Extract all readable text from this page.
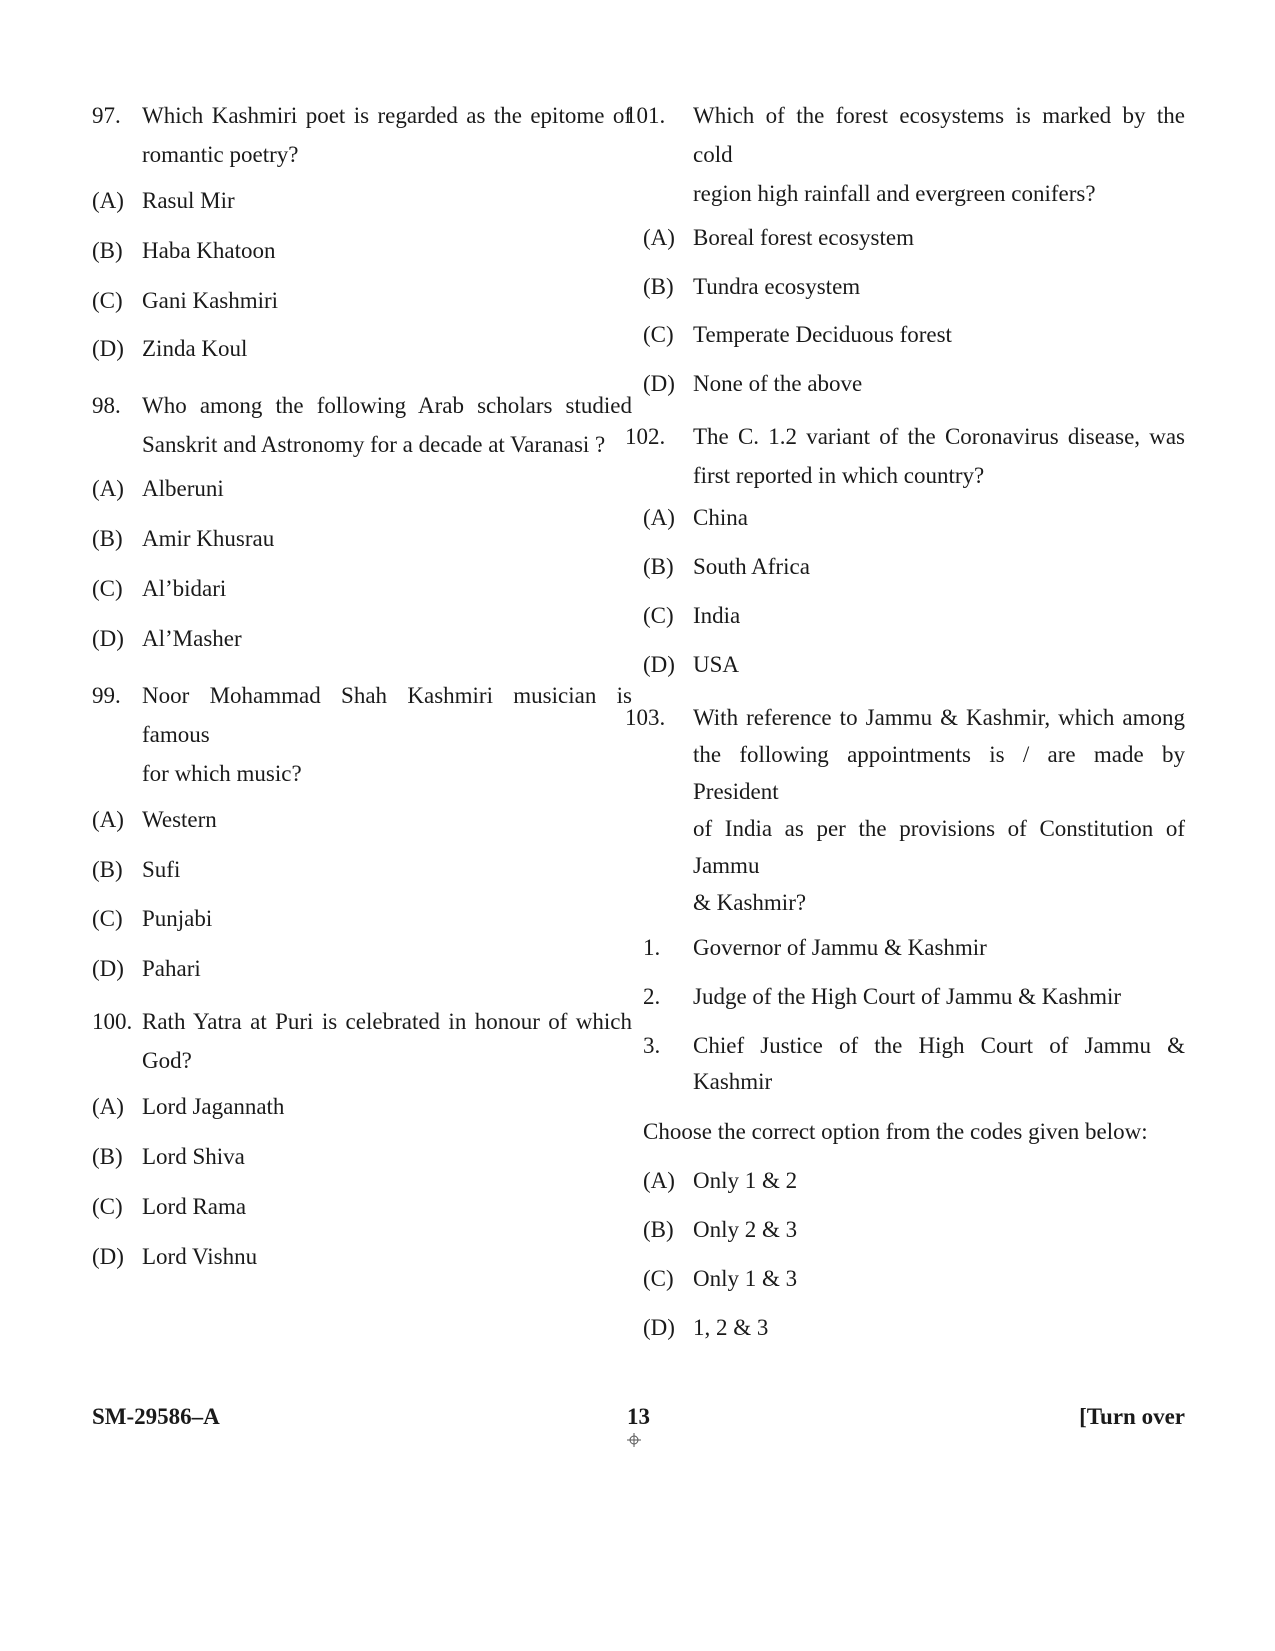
97. Which Kashmiri poet is regarded as the epitome of
romantic poetry?
(A) Rasul Mir
(B) Haba Khatoon
(C) Gani Kashmiri
(D) Zinda Koul
98. Who among the following Arab scholars studied
Sanskrit and Astronomy for a decade at Varanasi ?
(A) Alberuni
(B) Amir Khusrau
(C) Al’bidari
(D) Al’Masher
99. Noor Mohammad Shah Kashmiri musician is famous
for which music?
(A) Western
(B) Sufi
(C) Punjabi
(D) Pahari
100. Rath Yatra at Puri is celebrated in honour of which
God?
(A) Lord Jagannath
(B) Lord Shiva
(C) Lord Rama
(D) Lord Vishnu
101.	Which of the forest ecosystems is marked by the cold
region high rainfall and evergreen conifers?
(A) Boreal forest ecosystem
(B) Tundra ecosystem
(C) Temperate Deciduous forest
(D) None of the above
102.	The C. 1.2 variant of the Coronavirus disease, was
first reported in which country?
(A) China
(B) South Africa
(C) India
(D) USA
103.	With reference to Jammu & Kashmir, which among
the following appointments is / are made by President
of India as per the provisions of Constitution of Jammu
& Kashmir?
1.	Governor of Jammu & Kashmir
2.	Judge of the High Court of Jammu & Kashmir
3.	Chief Justice of the High Court of Jammu &
Kashmir
Choose the correct option from the codes given below:
(A) Only 1 & 2
(B) Only 2 & 3
(C) Only 1 & 3
(D) 1, 2 & 3
SM-29586–A	13	[Turn over
